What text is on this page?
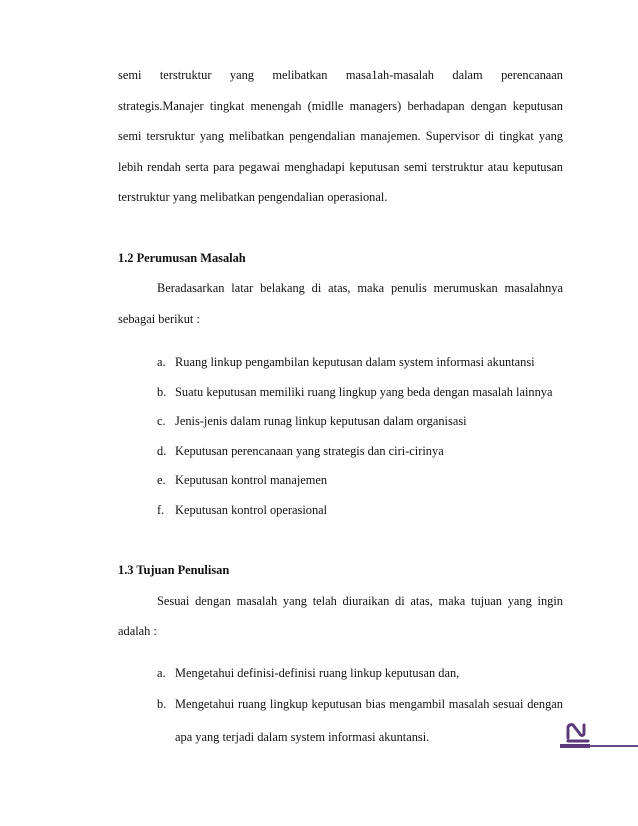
semi terstruktur yang melibatkan masa1ah-masalah dalam perencanaan

strategis.Manajer tingkat menengah (midlle managers) berhadapan dengan keputusan semi tersruktur yang melibatkan pengendalian manajemen. Supervisor di tingkat yang lebih rendah serta para pegawai menghadapi keputusan semi terstruktur atau keputusan terstruktur yang melibatkan pengendalian operasional.

1.2 Perumusan Masalah

Beradasarkan latar belakang di atas, maka penulis merumuskan masalahnya sebagai berikut :

a. Ruang linkup pengambilan keputusan dalam system informasi akuntansi
b. Suatu keputusan memiliki ruang lingkup yang beda dengan masalah lainnya
c. Jenis-jenis dalam runag linkup keputusan dalam organisasi
d. Keputusan perencanaan yang strategis dan ciri-cirinya
e. Keputusan kontrol manajemen
f. Keputusan kontrol operasional

1.3 Tujuan Penulisan

Sesuai dengan masalah yang telah diuraikan di atas, maka tujuan yang ingin adalah :

a. Mengetahui definisi-definisi ruang linkup keputusan dan,
b. Mengetahui ruang lingkup keputusan bias mengambil masalah sesuai dengan apa yang terjadi dalam system informasi akuntansi.
